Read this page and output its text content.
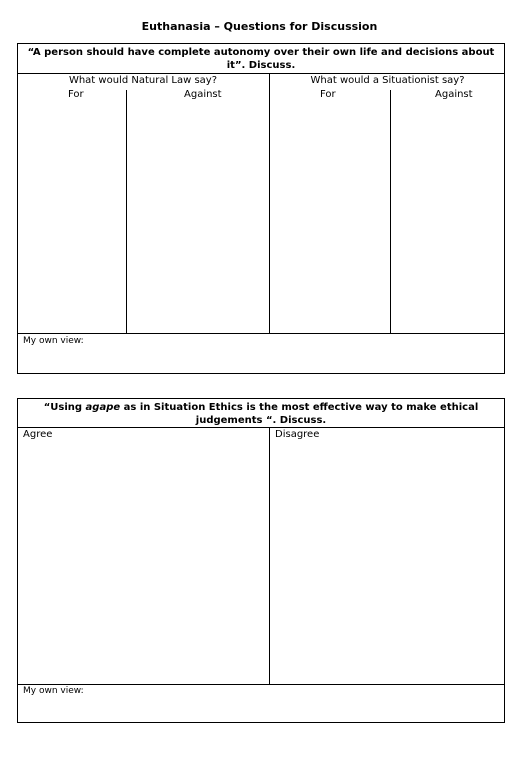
Euthanasia – Questions for Discussion
“A person should have complete autonomy over their own life and decisions about it”. Discuss.
What would Natural Law say?	What would a Situationist say?
For	Against	For	Against
My own view:
“Using agape as in Situation Ethics is the most effective way to make ethical judgements “. Discuss.
Agree	Disagree
My own view:
